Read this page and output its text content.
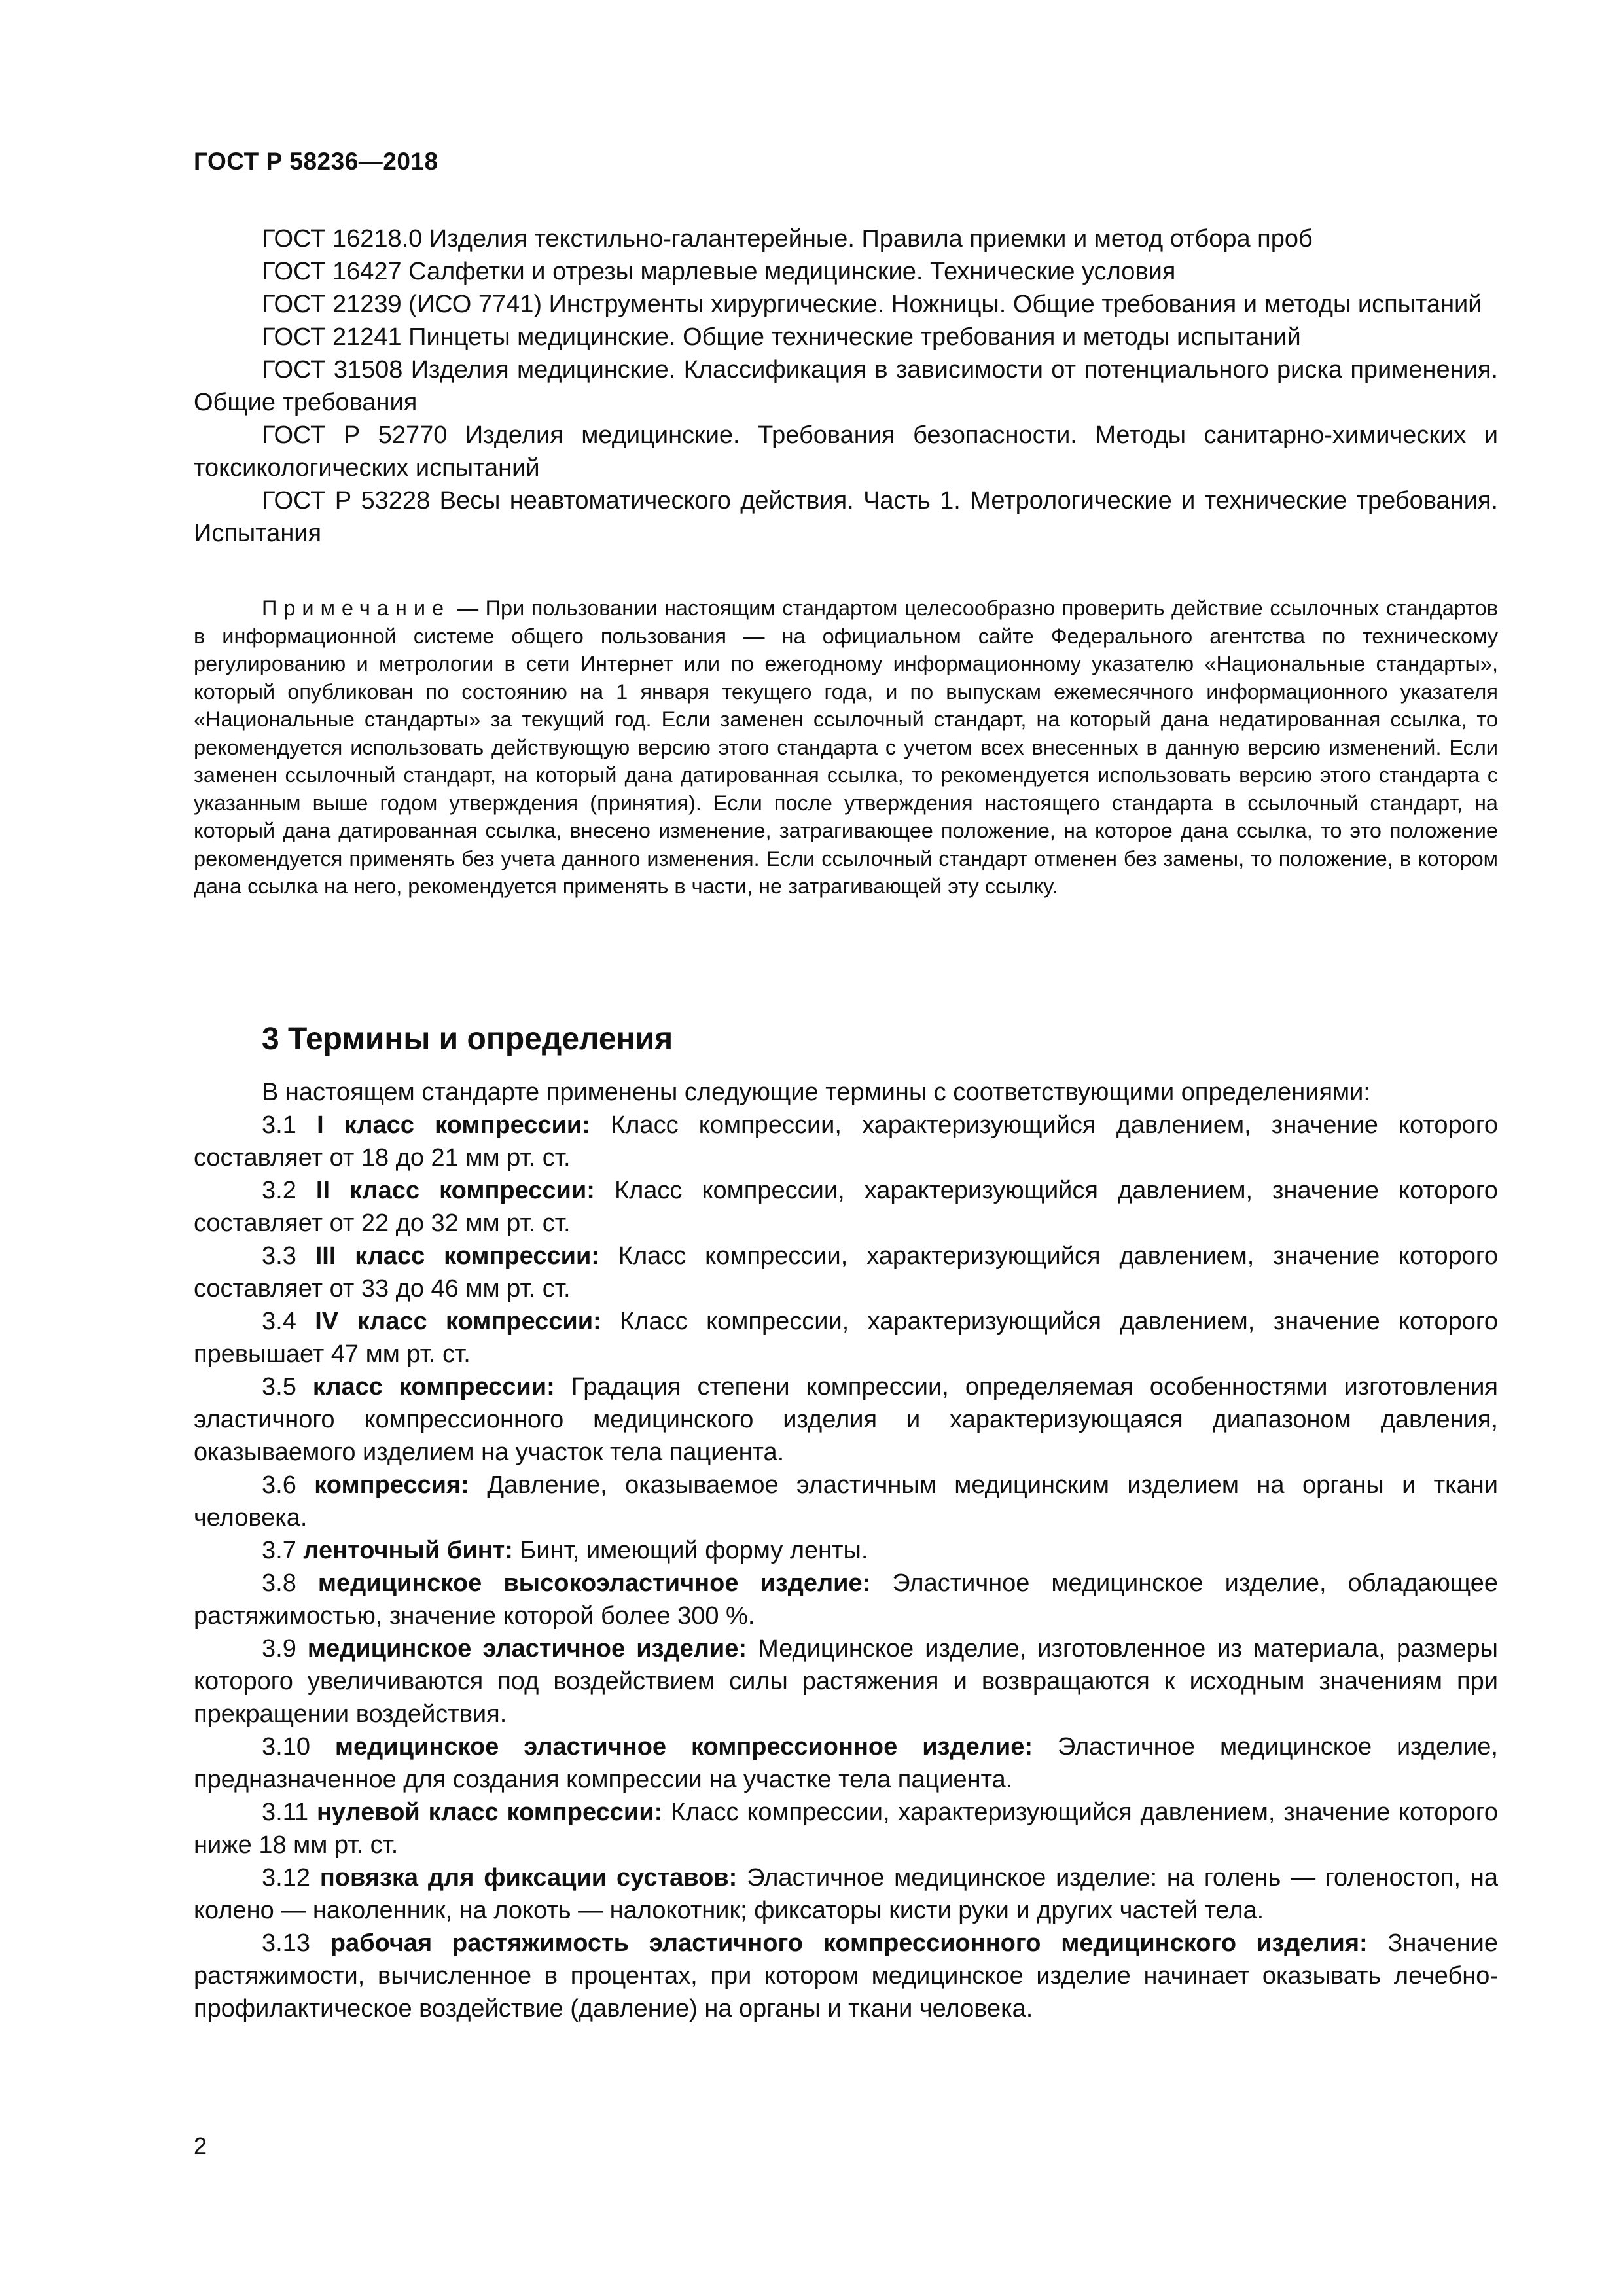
ГОСТ Р 58236—2018

ГОСТ 16218.0 Изделия текстильно-галантерейные. Правила приемки и метод отбора проб

ГОСТ 16427 Салфетки и отрезы марлевые медицинские. Технические условия

ГОСТ 21239 (ИСО 7741) Инструменты хирургические. Ножницы. Общие требования и методы испытаний

ГОСТ 21241 Пинцеты медицинские. Общие технические требования и методы испытаний

ГОСТ 31508 Изделия медицинские. Классификация в зависимости от потенциального риска применения. Общие требования

ГОСТ Р 52770 Изделия медицинские. Требования безопасности. Методы санитарно-химических и токсикологических испытаний

ГОСТ Р 53228 Весы неавтоматического действия. Часть 1. Метрологические и технические требования. Испытания

Примечание — При пользовании настоящим стандартом целесообразно проверить действие ссылочных стандартов в информационной системе общего пользования — на официальном сайте Федерального агентства по техническому регулированию и метрологии в сети Интернет или по ежегодному информационному указателю «Национальные стандарты», который опубликован по состоянию на 1 января текущего года, и по выпускам ежемесячного информационного указателя «Национальные стандарты» за текущий год. Если заменен ссылочный стандарт, на который дана недатированная ссылка, то рекомендуется использовать действующую версию этого стандарта с учетом всех внесенных в данную версию изменений. Если заменен ссылочный стандарт, на который дана датированная ссылка, то рекомендуется использовать версию этого стандарта с указанным выше годом утверждения (принятия). Если после утверждения настоящего стандарта в ссылочный стандарт, на который дана датированная ссылка, внесено изменение, затрагивающее положение, на которое дана ссылка, то это положение рекомендуется применять без учета данного изменения. Если ссылочный стандарт отменен без замены, то положение, в котором дана ссылка на него, рекомендуется применять в части, не затрагивающей эту ссылку.

3 Термины и определения

В настоящем стандарте применены следующие термины с соответствующими определениями:

3.1 I класс компрессии: Класс компрессии, характеризующийся давлением, значение которого составляет от 18 до 21 мм рт. ст.

3.2 II класс компрессии: Класс компрессии, характеризующийся давлением, значение которого составляет от 22 до 32 мм рт. ст.

3.3 III класс компрессии: Класс компрессии, характеризующийся давлением, значение которого составляет от 33 до 46 мм рт. ст.

3.4 IV класс компрессии: Класс компрессии, характеризующийся давлением, значение которого превышает 47 мм рт. ст.

3.5 класс компрессии: Градация степени компрессии, определяемая особенностями изготовления эластичного компрессионного медицинского изделия и характеризующаяся диапазоном давления, оказываемого изделием на участок тела пациента.

3.6 компрессия: Давление, оказываемое эластичным медицинским изделием на органы и ткани человека.

3.7 ленточный бинт: Бинт, имеющий форму ленты.

3.8 медицинское высокоэластичное изделие: Эластичное медицинское изделие, обладающее растяжимостью, значение которой более 300 %.

3.9 медицинское эластичное изделие: Медицинское изделие, изготовленное из материала, размеры которого увеличиваются под воздействием силы растяжения и возвращаются к исходным значениям при прекращении воздействия.

3.10 медицинское эластичное компрессионное изделие: Эластичное медицинское изделие, предназначенное для создания компрессии на участке тела пациента.

3.11 нулевой класс компрессии: Класс компрессии, характеризующийся давлением, значение которого ниже 18 мм рт. ст.

3.12 повязка для фиксации суставов: Эластичное медицинское изделие: на голень — голеностоп, на колено — наколенник, на локоть — налокотник; фиксаторы кисти руки и других частей тела.

3.13 рабочая растяжимость эластичного компрессионного медицинского изделия: Значение растяжимости, вычисленное в процентах, при котором медицинское изделие начинает оказывать лечебно-профилактическое воздействие (давление) на органы и ткани человека.

2
